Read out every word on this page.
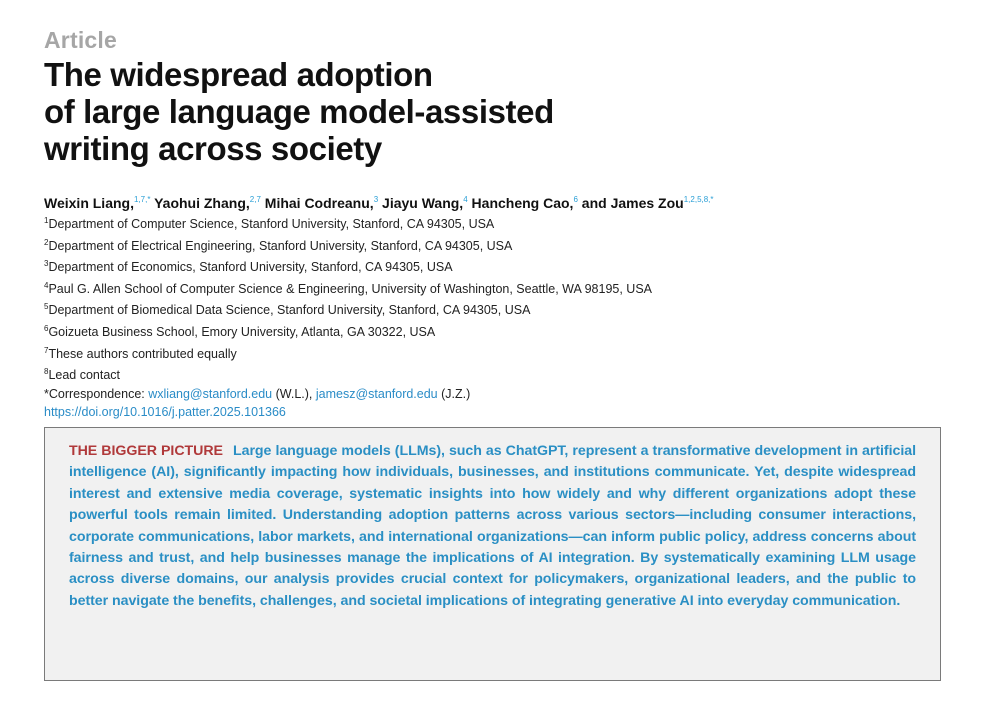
Article
The widespread adoption
of large language model-assisted
writing across society
Weixin Liang,$^{1,7,*}$ Yaohui Zhang,$^{2,7}$ Mihai Codreanu,$^3$ Jiayu Wang,$^4$ Hancheng Cao,$^6$ and James Zou$^{1,2,5,8,*}$
$^1$Department of Computer Science, Stanford University, Stanford, CA 94305, USA
$^2$Department of Electrical Engineering, Stanford University, Stanford, CA 94305, USA
$^3$Department of Economics, Stanford University, Stanford, CA 94305, USA
$^4$Paul G. Allen School of Computer Science & Engineering, University of Washington, Seattle, WA 98195, USA
$^5$Department of Biomedical Data Science, Stanford University, Stanford, CA 94305, USA
$^6$Goizueta Business School, Emory University, Atlanta, GA 30322, USA
$^7$These authors contributed equally
$^8$Lead contact
*Correspondence: wxliang@stanford.edu (W.L.), jamesz@stanford.edu (J.Z.)
https://doi.org/10.1016/j.patter.2025.101366

THE BIGGER PICTURE Large language models (LLMs), such as ChatGPT, represent a transformative development in artificial intelligence (AI), significantly impacting how individuals, businesses, and institutions communicate. Yet, despite widespread interest and extensive media coverage, systematic insights into how widely and why different organizations adopt these powerful tools remain limited. Understanding adoption patterns across various sectors—including consumer interactions, corporate communications, labor markets, and international organizations—can inform public policy, address concerns about fairness and trust, and help businesses manage the implications of AI integration. By systematically examining LLM usage across diverse domains, our analysis provides crucial context for policymakers, organizational leaders, and the public to better navigate the benefits, challenges, and societal implications of integrating generative AI into everyday communication.
